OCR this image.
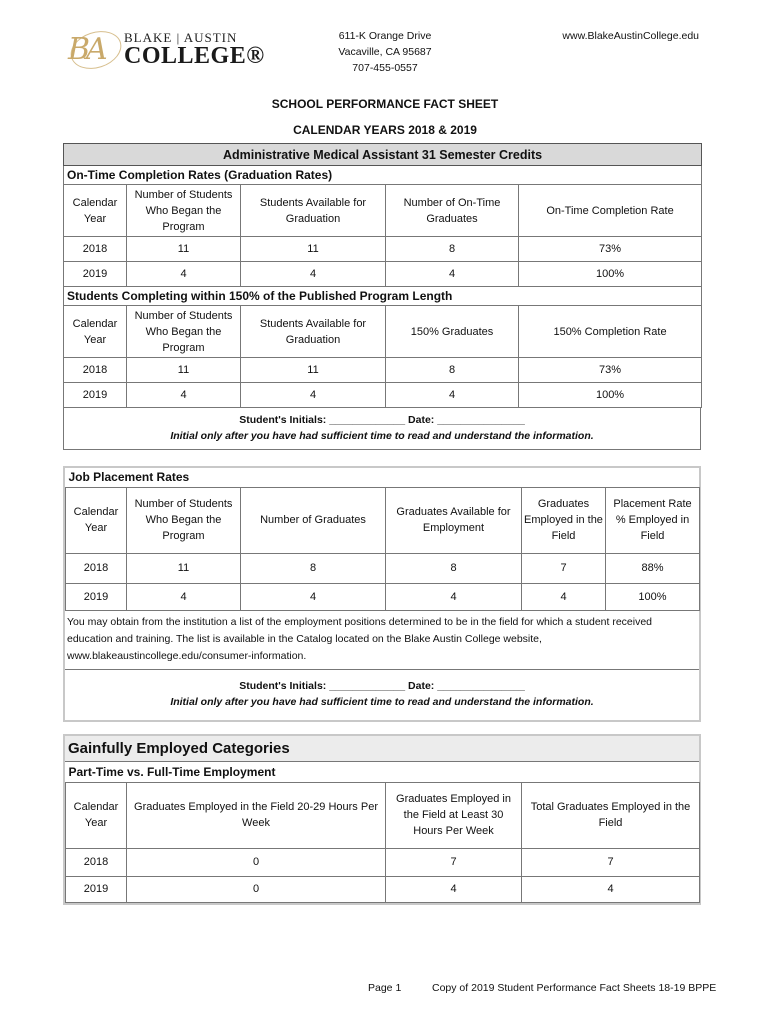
BA	BLAKE | AUSTIN
COLLEGE®
611-K Orange Drive
Vacaville, CA 95687
707-455-0557
www.BlakeAustinCollege.edu
SCHOOL PERFORMANCE FACT SHEET
CALENDAR YEARS 2018 & 2019
Administrative Medical Assistant 31 Semester Credits				
On-Time Completion Rates (Graduation Rates)				
Calendar Year	Number of Students Who Began the Program	Students Available for Graduation	Number of On-Time Graduates	On-Time Completion Rate
2018	11	11	8	73%
2019	4	4	4	100%
Students Completing within 150% of the Published Program Length				
Calendar Year	Number of Students Who Began the Program	Students Available for Graduation	150% Graduates	150% Completion Rate
2018	11	11	8	73%
2019	4	4	4	100%
Student's Initials: _____________ Date: _______________
Initial only after you have had sufficient time to read and understand the information.
Job Placement Rates					
Calendar Year	Number of Students Who Began the Program	Number of Graduates	Graduates Available for Employment	Graduates Employed in the Field	Placement Rate % Employed in Field
2018	11	8	8	7	88%
2019	4	4	4	4	100%
You may obtain from the institution a list of the employment positions determined to be in the field for which a student received education and training. The list is available in the Catalog located on the Blake Austin College website, www.blakeaustincollege.edu/consumer-information.
Student's Initials: _____________ Date: _______________
Initial only after you have had sufficient time to read and understand the information.
Gainfully Employed Categories
Part-Time vs. Full-Time Employment			
Calendar Year	Graduates Employed in the Field 20-29 Hours Per Week	Graduates Employed in the Field at Least 30 Hours Per Week	Total Graduates Employed in the Field
2018	0	7	7
2019	0	4	4
Page 1	Copy of 2019 Student Performance Fact Sheets 18-19 BPPE
